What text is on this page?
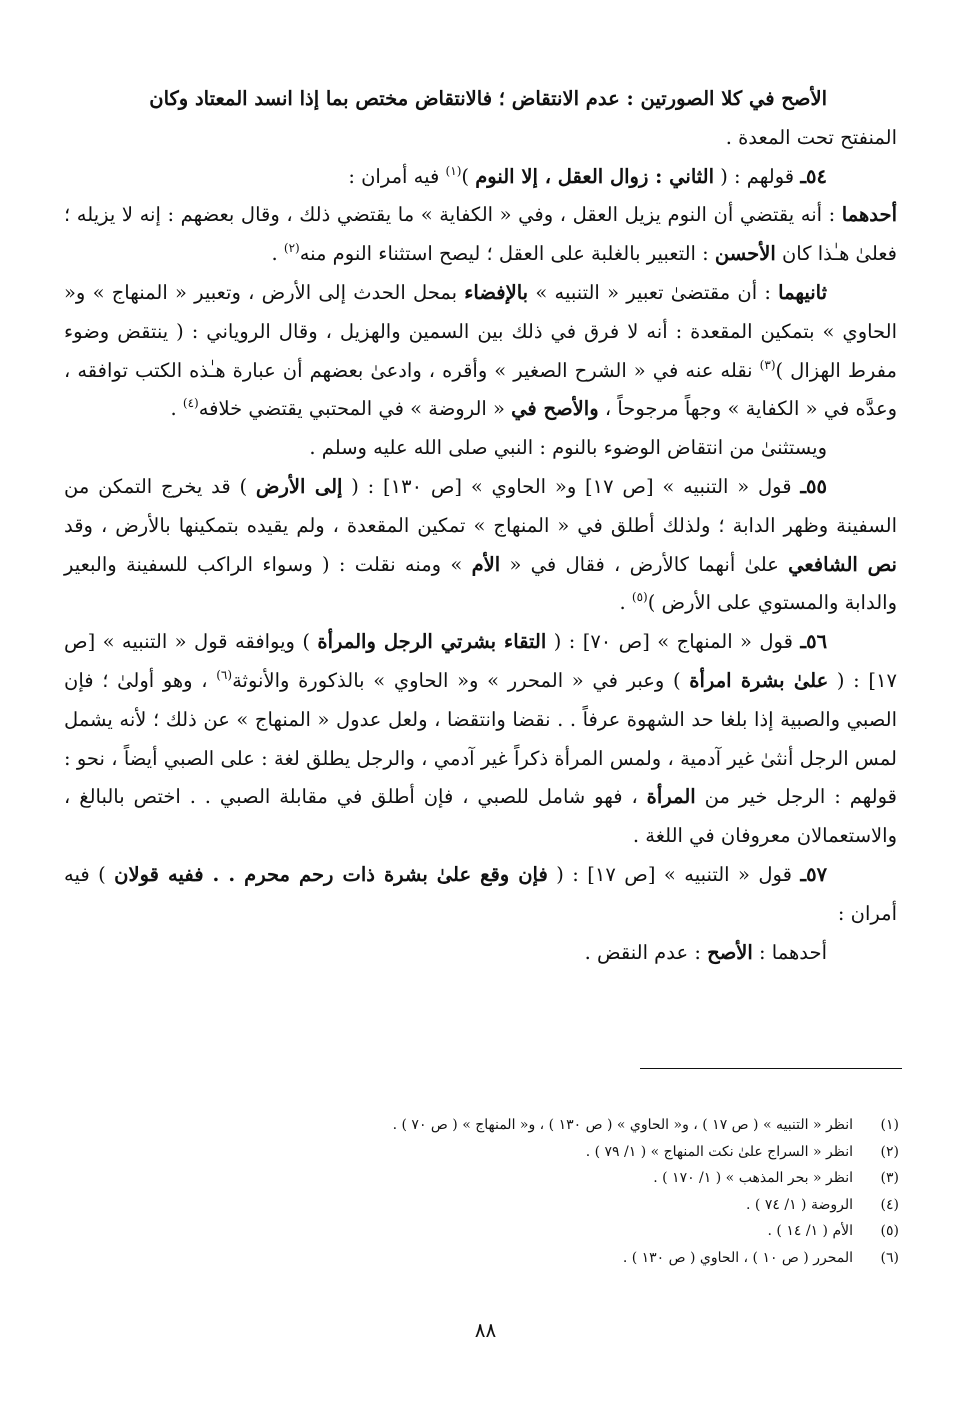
الأصح في كلا الصورتين : عدم الانتقاض ؛ فالانتقاض مختص بما إذا انسد المعتاد وكان

المنفتح تحت المعدة .

٥٤ـ قولهم : ( الثاني : زوال العقل ، إلا النوم )$^{(١)}$ فيه أمران :

أحدهما : أنه يقتضي أن النوم يزيل العقل ، وفي « الكفاية » ما يقتضي ذلك ، وقال بعضهم : إنه لا يزيله ؛ فعلىٰ هـٰذا كان الأحسن : التعبير بالغلبة على العقل ؛ ليصح استثناء النوم منه$^{(٢)}$ .

ثانيهما : أن مقتضىٰ تعبير « التنبيه » بالإفضاء بمحل الحدث إلى الأرض ، وتعبير « المنهاج » و« الحاوي » بتمكين المقعدة : أنه لا فرق في ذلك بين السمين والهزيل ، وقال الروياني : ( ينتقض وضوء مفرط الهزال )$^{(٣)}$ نقله عنه في « الشرح الصغير » وأقره ، وادعىٰ بعضهم أن عبارة هـٰذه الكتب توافقه ، وعدَّه في « الكفاية » وجهاً مرجوحاً ، والأصح في « الروضة » في المحتبي يقتضي خلافه$^{(٤)}$ .

ويستثنىٰ من انتقاض الوضوء بالنوم : النبي صلى الله عليه وسلم .

٥٥ـ قول « التنبيه » [ص ١٧] و« الحاوي » [ص ١٣٠] : ( إلى الأرض ) قد يخرج التمكن من السفينة وظهر الدابة ؛ ولذلك أطلق في « المنهاج » تمكين المقعدة ، ولم يقيده بتمكينها بالأرض ، وقد نص الشافعي علىٰ أنهما كالأرض ، فقال في « الأم » ومنه نقلت : ( وسواء الراكب للسفينة والبعير والدابة والمستوي على الأرض )$^{(٥)}$ .

٥٦ـ قول « المنهاج » [ص ٧٠] : ( التقاء بشرتي الرجل والمرأة ) ويوافقه قول « التنبيه » [ص ١٧] : ( علىٰ بشرة امرأة ) وعبر في « المحرر » و« الحاوي » بالذكورة والأنوثة$^{(٦)}$ ، وهو أولىٰ ؛ فإن الصبي والصبية إذا بلغا حد الشهوة عرفاً . . نقضا وانتقضا ، ولعل عدول « المنهاج » عن ذلك ؛ لأنه يشمل لمس الرجل أنثىٰ غير آدمية ، ولمس المرأة ذكراً غير آدمي ، والرجل يطلق لغة : على الصبي أيضاً ، نحو : قولهم : الرجل خير من المرأة ، فهو شامل للصبي ، فإن أطلق في مقابلة الصبي . . اختص بالبالغ ، والاستعمالان معروفان في اللغة .

٥٧ـ قول « التنبيه » [ص ١٧] : ( فإن وقع علىٰ بشرة ذات رحم محرم . . ففيه قولان ) فيه أمران :

أحدهما : الأصح : عدم النقض .

(١)
انظر « التنبيه » ( ص ١٧ ) ، و« الحاوي » ( ص ١٣٠ ) ، و« المنهاج » ( ص ٧٠ ) .
(٢)
انظر « السراج علىٰ نكت المنهاج » ( ١/ ٧٩ ) .
(٣)
انظر « بحر المذهب » ( ١/ ١٧٠ ) .
(٤)
الروضة ( ١/ ٧٤ ) .
(٥)
الأم ( ١/ ١٤ ) .
(٦)
المحرر ( ص ١٠ ) ، الحاوي ( ص ١٣٠ ) .
٨٨
